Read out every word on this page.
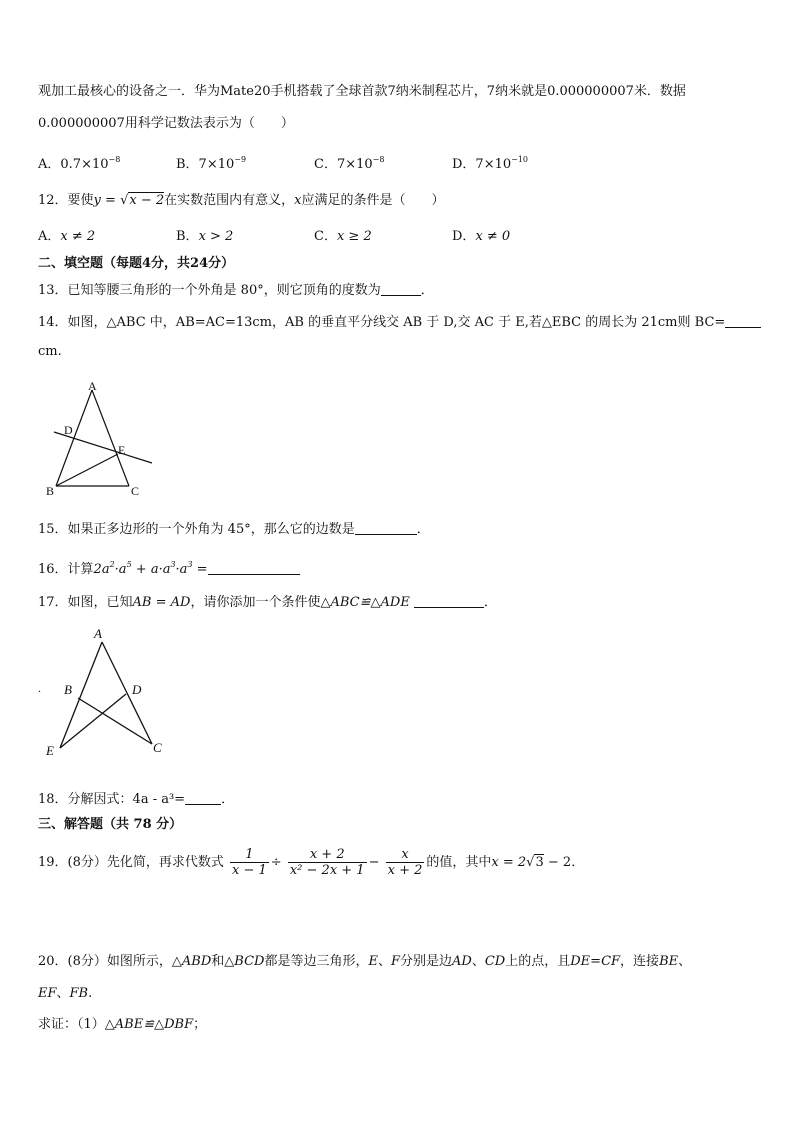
观加工最核心的设备之一．华为Mate20手机搭载了全球首款7纳米制程芯片，7纳米就是0.000000007米．数据
0.000000007用科学记数法表示为（　　）
A．$0.7\times 10^{-8}$	B．$7\times 10^{-9}$	C．$7\times 10^{-8}$	D．$7\times 10^{-10}$
12．要使y = √x − 2在实数范围内有意义，x应满足的条件是（　　）
A．x ≠ 2	B．x > 2	C．x ≥ 2	D．x ≠ 0
二、填空题（每题4分，共24分）
13．已知等腰三角形的一个外角是 80°，则它顶角的度数为	．
14．如图，△ABC 中，AB=AC=13cm，AB 的垂直平分线交 AB 于 D,交 AC 于 E,若△EBC 的周长为 21cm则 BC=
cm.
A
D
E
B	C
15．如果正多边形的一个外角为 45°，那么它的边数是	．
16．计算$2a^2\cdot a^5 + a\cdot a^3\cdot a^3$ =
17．如图，已知AB = AD，请你添加一个条件使△ABC≌△ADE	．
A
B	D
E	C
.
18．分解因式：4a - a³=	．
三、解答题（共 78 分）
19．(8分）先化简，再求代数式 $\frac{1}{x - 1} \div \frac{x + 2}{\text{x² − 2x + 1}} - \frac{x}{x + 2}$ 的值，其中x = 2√3 − 2．
20．(8分）如图所示，△ABD和△BCD都是等边三角形，E、F分别是边AD、CD上的点，且DE=CF，连接BE、
EF、FB.
求证：（1）△ABE≌△DBF；
